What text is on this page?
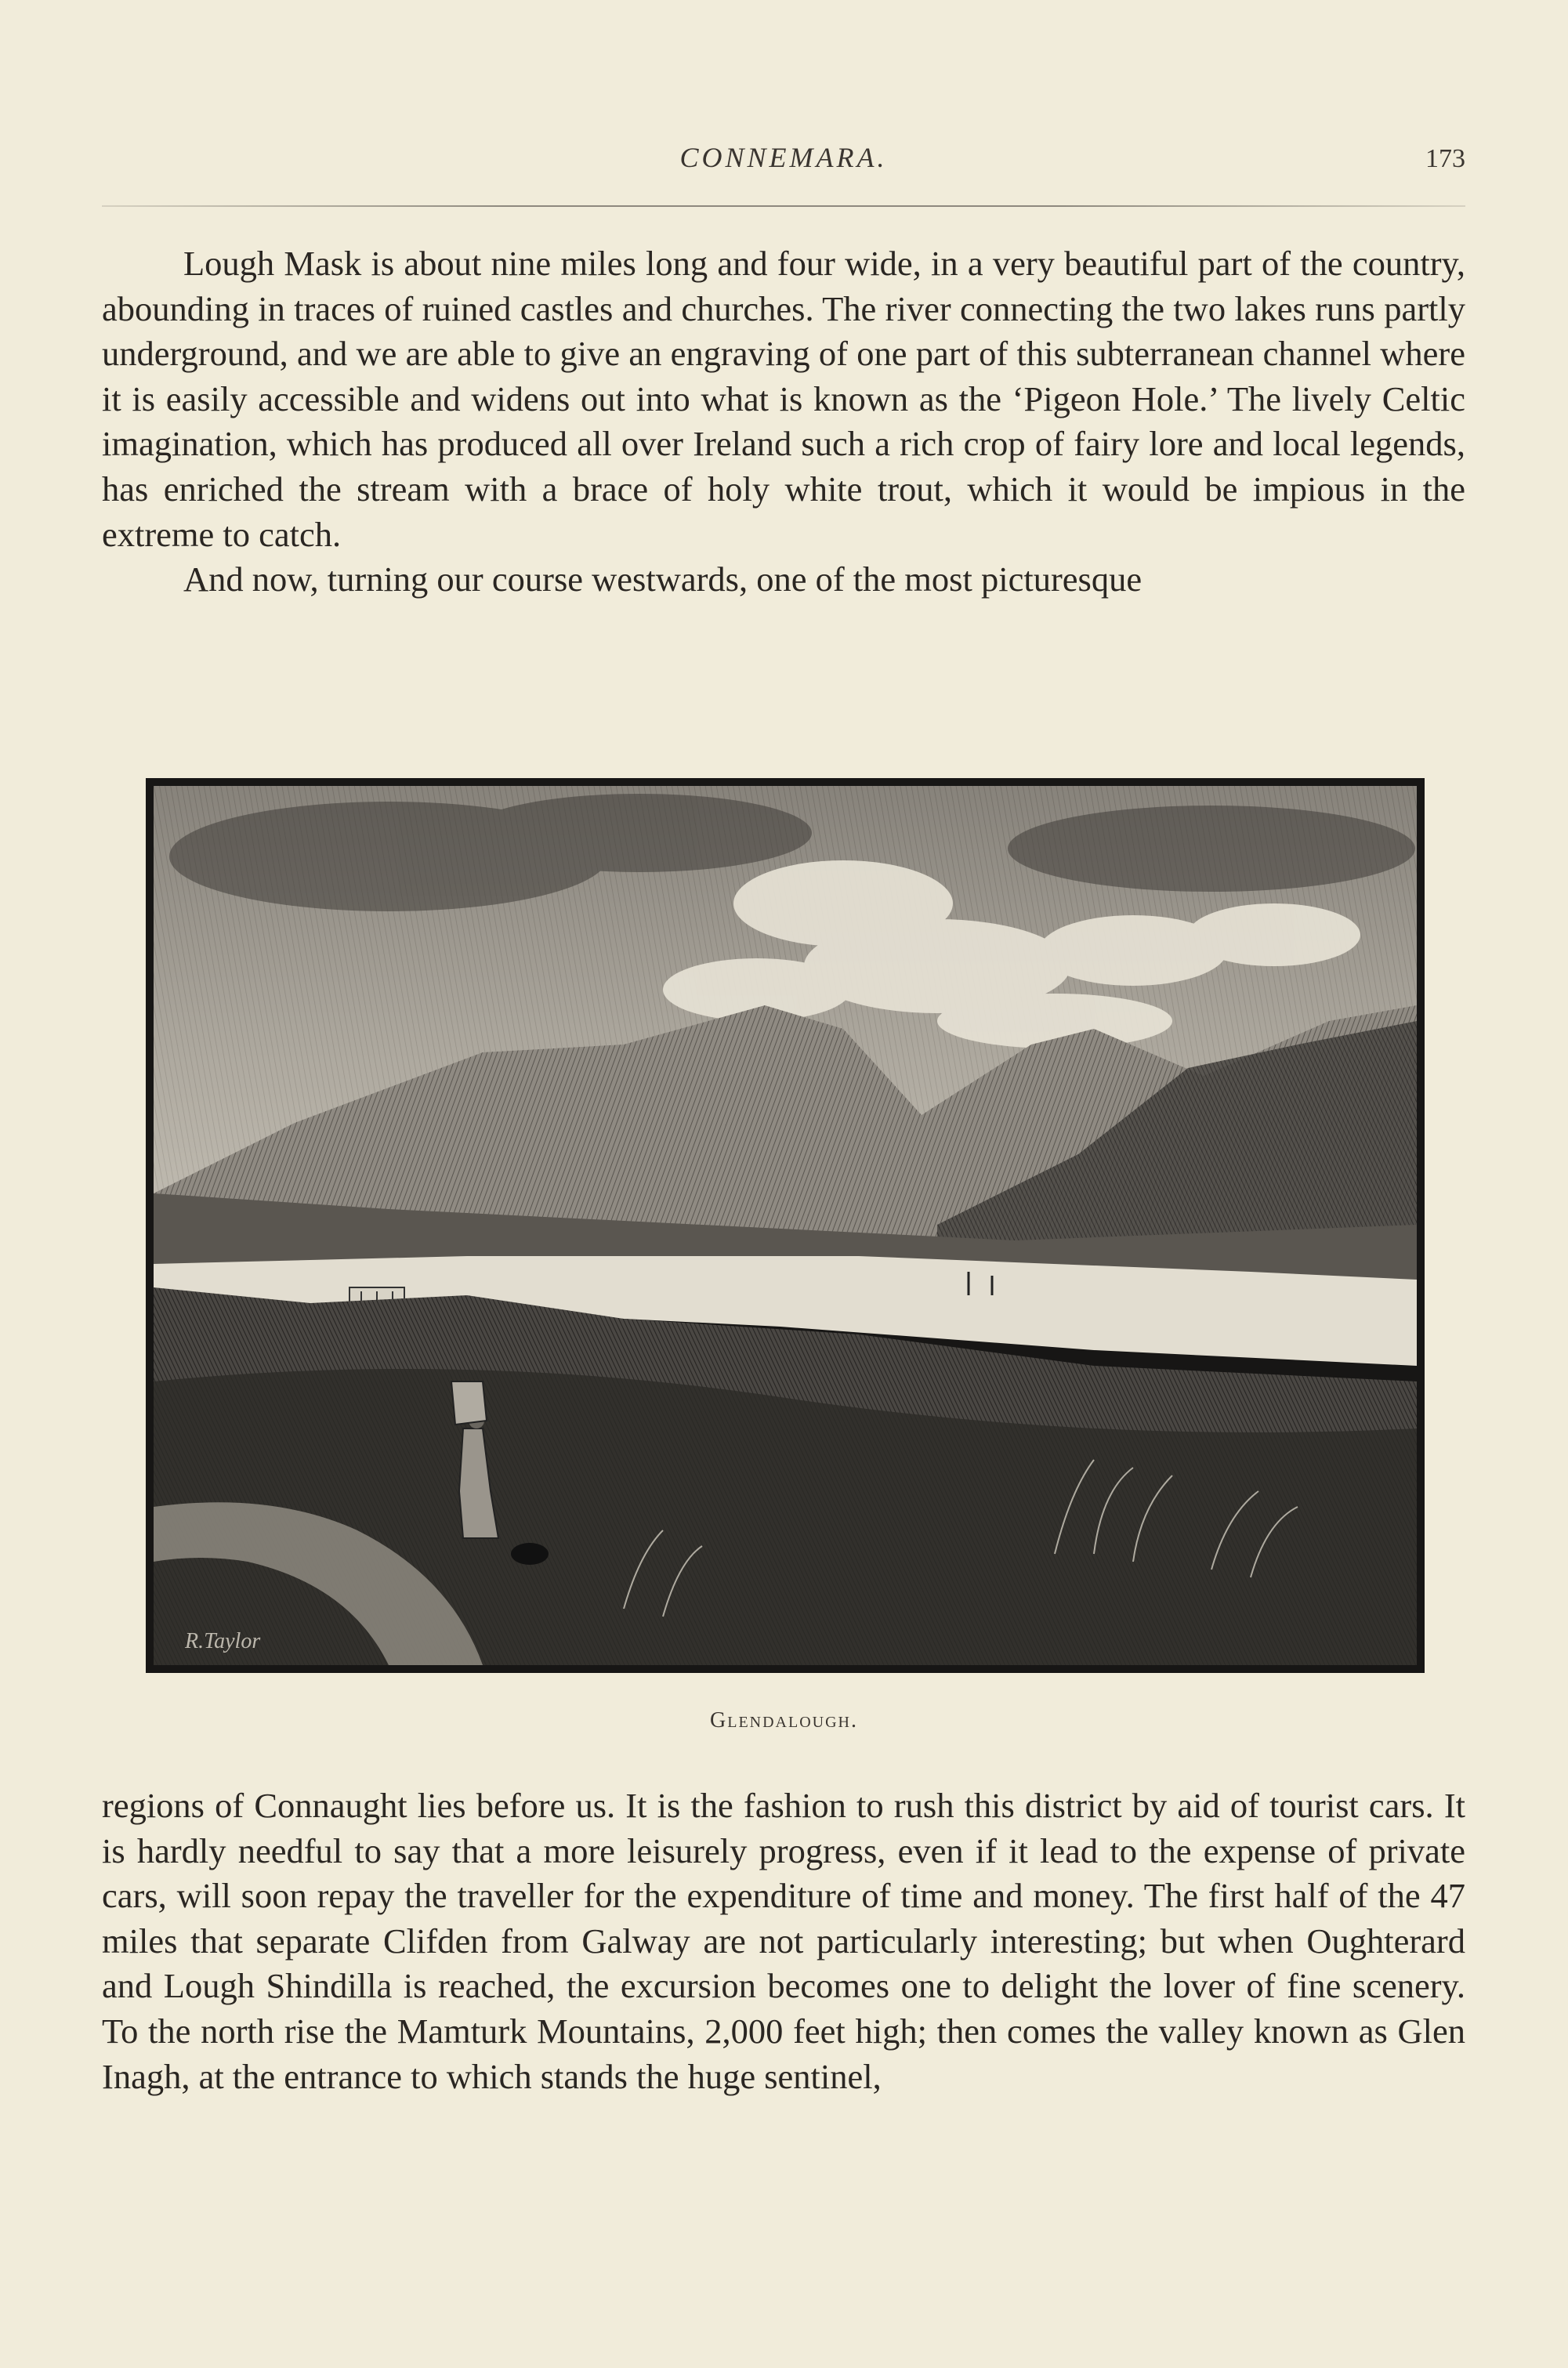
CONNEMARA.	173

Lough Mask is about nine miles long and four wide, in a very beautiful part of the country, abounding in traces of ruined castles and churches. The river connecting the two lakes runs partly underground, and we are able to give an engraving of one part of this subterranean channel where it is easily accessible and widens out into what is known as the ‘Pigeon Hole.’ The lively Celtic imagination, which has produced all over Ireland such a rich crop of fairy lore and local legends, has enriched the stream with a brace of holy white trout, which it would be impious in the extreme to catch.

And now, turning our course westwards, one of the most picturesque

R.Taylor
Glendalough.

regions of Connaught lies before us. It is the fashion to rush this district by aid of tourist cars. It is hardly needful to say that a more leisurely progress, even if it lead to the expense of private cars, will soon repay the traveller for the expenditure of time and money. The first half of the 47 miles that separate Clifden from Galway are not particularly interesting; but when Oughterard and Lough Shindilla is reached, the excursion becomes one to delight the lover of fine scenery. To the north rise the Mamturk Mountains, 2,000 feet high; then comes the valley known as Glen Inagh, at the entrance to which stands the huge sentinel,
